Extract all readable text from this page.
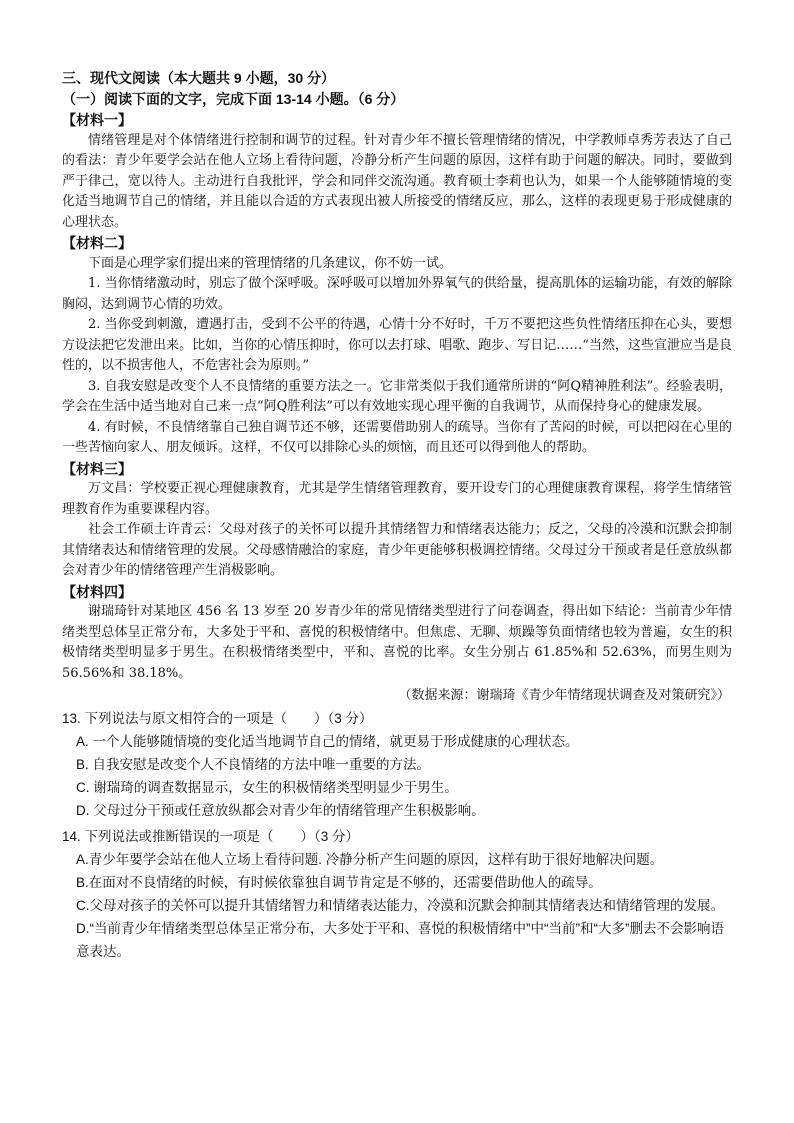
三、现代文阅读（本大题共 9 小题，30 分）

（一）阅读下面的文字，完成下面 13-14 小题。（6 分）

【材料一】

情绪管理是对个体情绪进行控制和调节的过程。针对青少年不擅长管理情绪的情况，中学教师卓秀芳表达了自己的看法：青少年要学会站在他人立场上看待问题，冷静分析产生问题的原因，这样有助于问题的解决。同时，要做到严于律己，宽以待人。主动进行自我批评，学会和同伴交流沟通。教育硕士李莉也认为，如果一个人能够随情境的变化适当地调节自己的情绪，并且能以合适的方式表现出被人所接受的情绪反应，那么，这样的表现更易于形成健康的心理状态。

【材料二】

下面是心理学家们提出来的管理情绪的几条建议，你不妨一试。

1. 当你情绪激动时，别忘了做个深呼吸。深呼吸可以增加外界氧气的供给量，提高肌体的运输功能，有效的解除胸闷，达到调节心情的功效。

2. 当你受到刺激，遭遇打击，受到不公平的待遇，心情十分不好时，千万不要把这些负性情绪压抑在心头，要想方设法把它发泄出来。比如，当你的心情压抑时，你可以去打球、唱歌、跑步、写日记……“当然，这些宣泄应当是良性的，以不损害他人，不危害社会为原则。”

3. 自我安慰是改变个人不良情绪的重要方法之一。它非常类似于我们通常所讲的“阿Q精神胜利法”。经验表明，学会在生活中适当地对自己来一点“阿Q胜利法”可以有效地实现心理平衡的自我调节，从而保持身心的健康发展。

4. 有时候，不良情绪靠自己独自调节还不够，还需要借助别人的疏导。当你有了苦闷的时候，可以把闷在心里的一些苦恼向家人、朋友倾诉。这样，不仅可以排除心头的烦恼，而且还可以得到他人的帮助。

【材料三】

万文昌：学校要正视心理健康教育，尤其是学生情绪管理教育，要开设专门的心理健康教育课程，将学生情绪管理教育作为重要课程内容。

社会工作硕士许青云：父母对孩子的关怀可以提升其情绪智力和情绪表达能力；反之，父母的冷漠和沉默会抑制其情绪表达和情绪管理的发展。父母感情融洽的家庭，青少年更能够积极调控情绪。父母过分干预或者是任意放纵都会对青少年的情绪管理产生消极影响。

【材料四】

谢瑞琦针对某地区 456 名 13 岁至 20 岁青少年的常见情绪类型进行了问卷调查，得出如下结论：当前青少年情绪类型总体呈正常分布，大多处于平和、喜悦的积极情绪中。但焦虑、无聊、烦躁等负面情绪也较为普遍，女生的积极情绪类型明显多于男生。在积极情绪类型中，平和、喜悦的比率。女生分别占 61.85%和 52.63%，而男生则为 56.56%和 38.18%。

（数据来源：谢瑞琦《青少年情绪现状调查及对策研究》）

13. 下列说法与原文相符合的一项是（　　）（3 分）

A. 一个人能够随情境的变化适当地调节自己的情绪，就更易于形成健康的心理状态。

B. 自我安慰是改变个人不良情绪的方法中唯一重要的方法。

C. 谢瑞琦的调查数据显示，女生的积极情绪类型明显少于男生。

D. 父母过分干预或任意放纵都会对青少年的情绪管理产生积极影响。

14. 下列说法或推断错误的一项是（　　）（3 分）

A.青少年要学会站在他人立场上看待问题. 冷静分析产生问题的原因，这样有助于很好地解决问题。

B.在面对不良情绪的时候，有时候依靠独自调节肯定是不够的，还需要借助他人的疏导。

C.父母对孩子的关怀可以提升其情绪智力和情绪表达能力，冷漠和沉默会抑制其情绪表达和情绪管理的发展。

D.“当前青少年情绪类型总体呈正常分布，大多处于平和、喜悦的积极情绪中”中“当前”和“大多”删去不会影响语意表达。
